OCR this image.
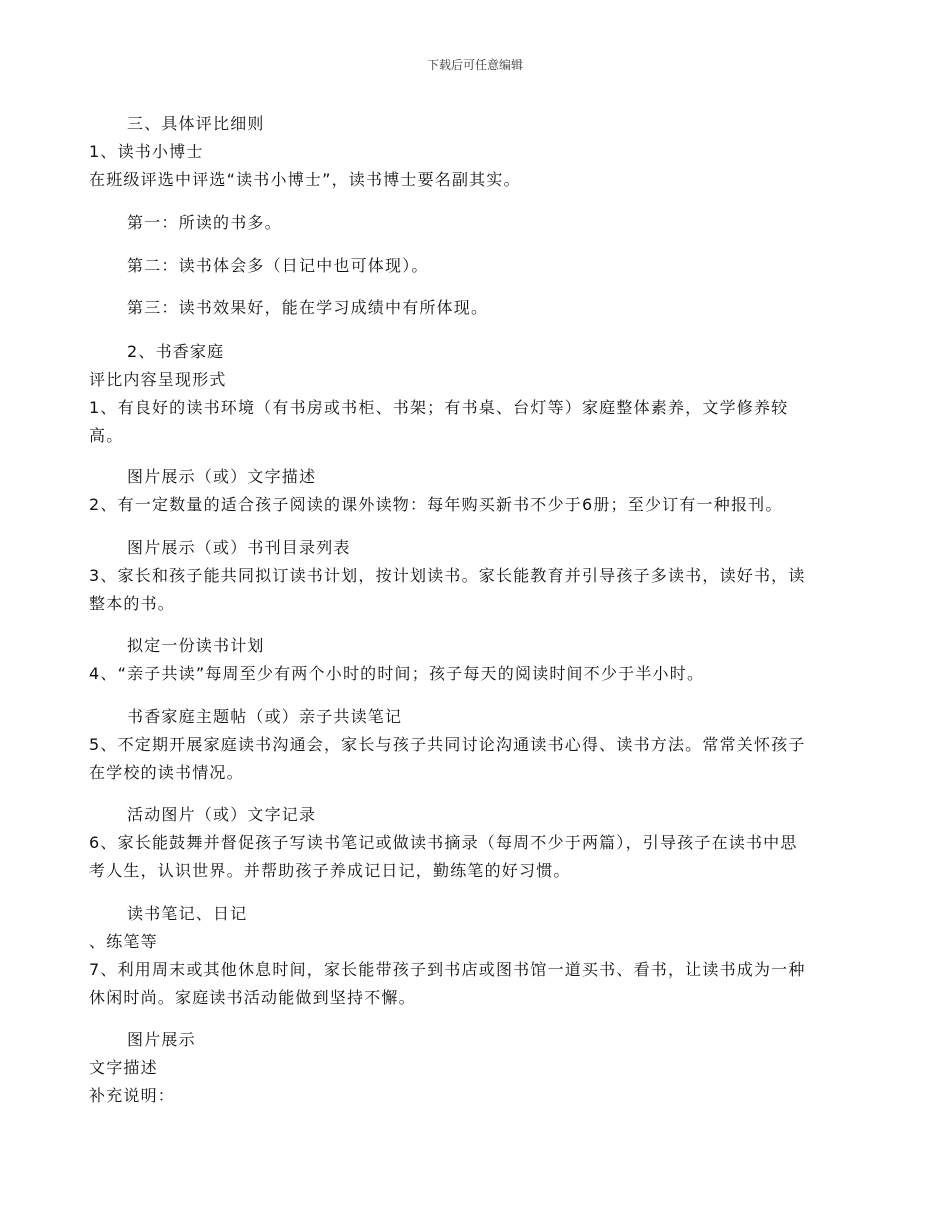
下载后可任意编辑
三、具体评比细则
1、读书小博士
在班级评选中评选“读书小博士”，读书博士要名副其实。
第一：所读的书多。
第二：读书体会多（日记中也可体现）。
第三：读书效果好，能在学习成绩中有所体现。
2、书香家庭
评比内容呈现形式
1、有良好的读书环境（有书房或书柜、书架；有书桌、台灯等）家庭整体素养，文学修养较
高。
图片展示（或）文字描述
2、有一定数量的适合孩子阅读的课外读物：每年购买新书不少于6册；至少订有一种报刊。
图片展示（或）书刊目录列表
3、家长和孩子能共同拟订读书计划，按计划读书。家长能教育并引导孩子多读书，读好书，读
整本的书。
拟定一份读书计划
4、“亲子共读”每周至少有两个小时的时间；孩子每天的阅读时间不少于半小时。
书香家庭主题帖（或）亲子共读笔记
5、不定期开展家庭读书沟通会，家长与孩子共同讨论沟通读书心得、读书方法。常常关怀孩子
在学校的读书情况。
活动图片（或）文字记录
6、家长能鼓舞并督促孩子写读书笔记或做读书摘录（每周不少于两篇），引导孩子在读书中思
考人生，认识世界。并帮助孩子养成记日记，勤练笔的好习惯。
读书笔记、日记
、练笔等
7、利用周末或其他休息时间，家长能带孩子到书店或图书馆一道买书、看书，让读书成为一种
休闲时尚。家庭读书活动能做到坚持不懈。
图片展示
文字描述
补充说明：
